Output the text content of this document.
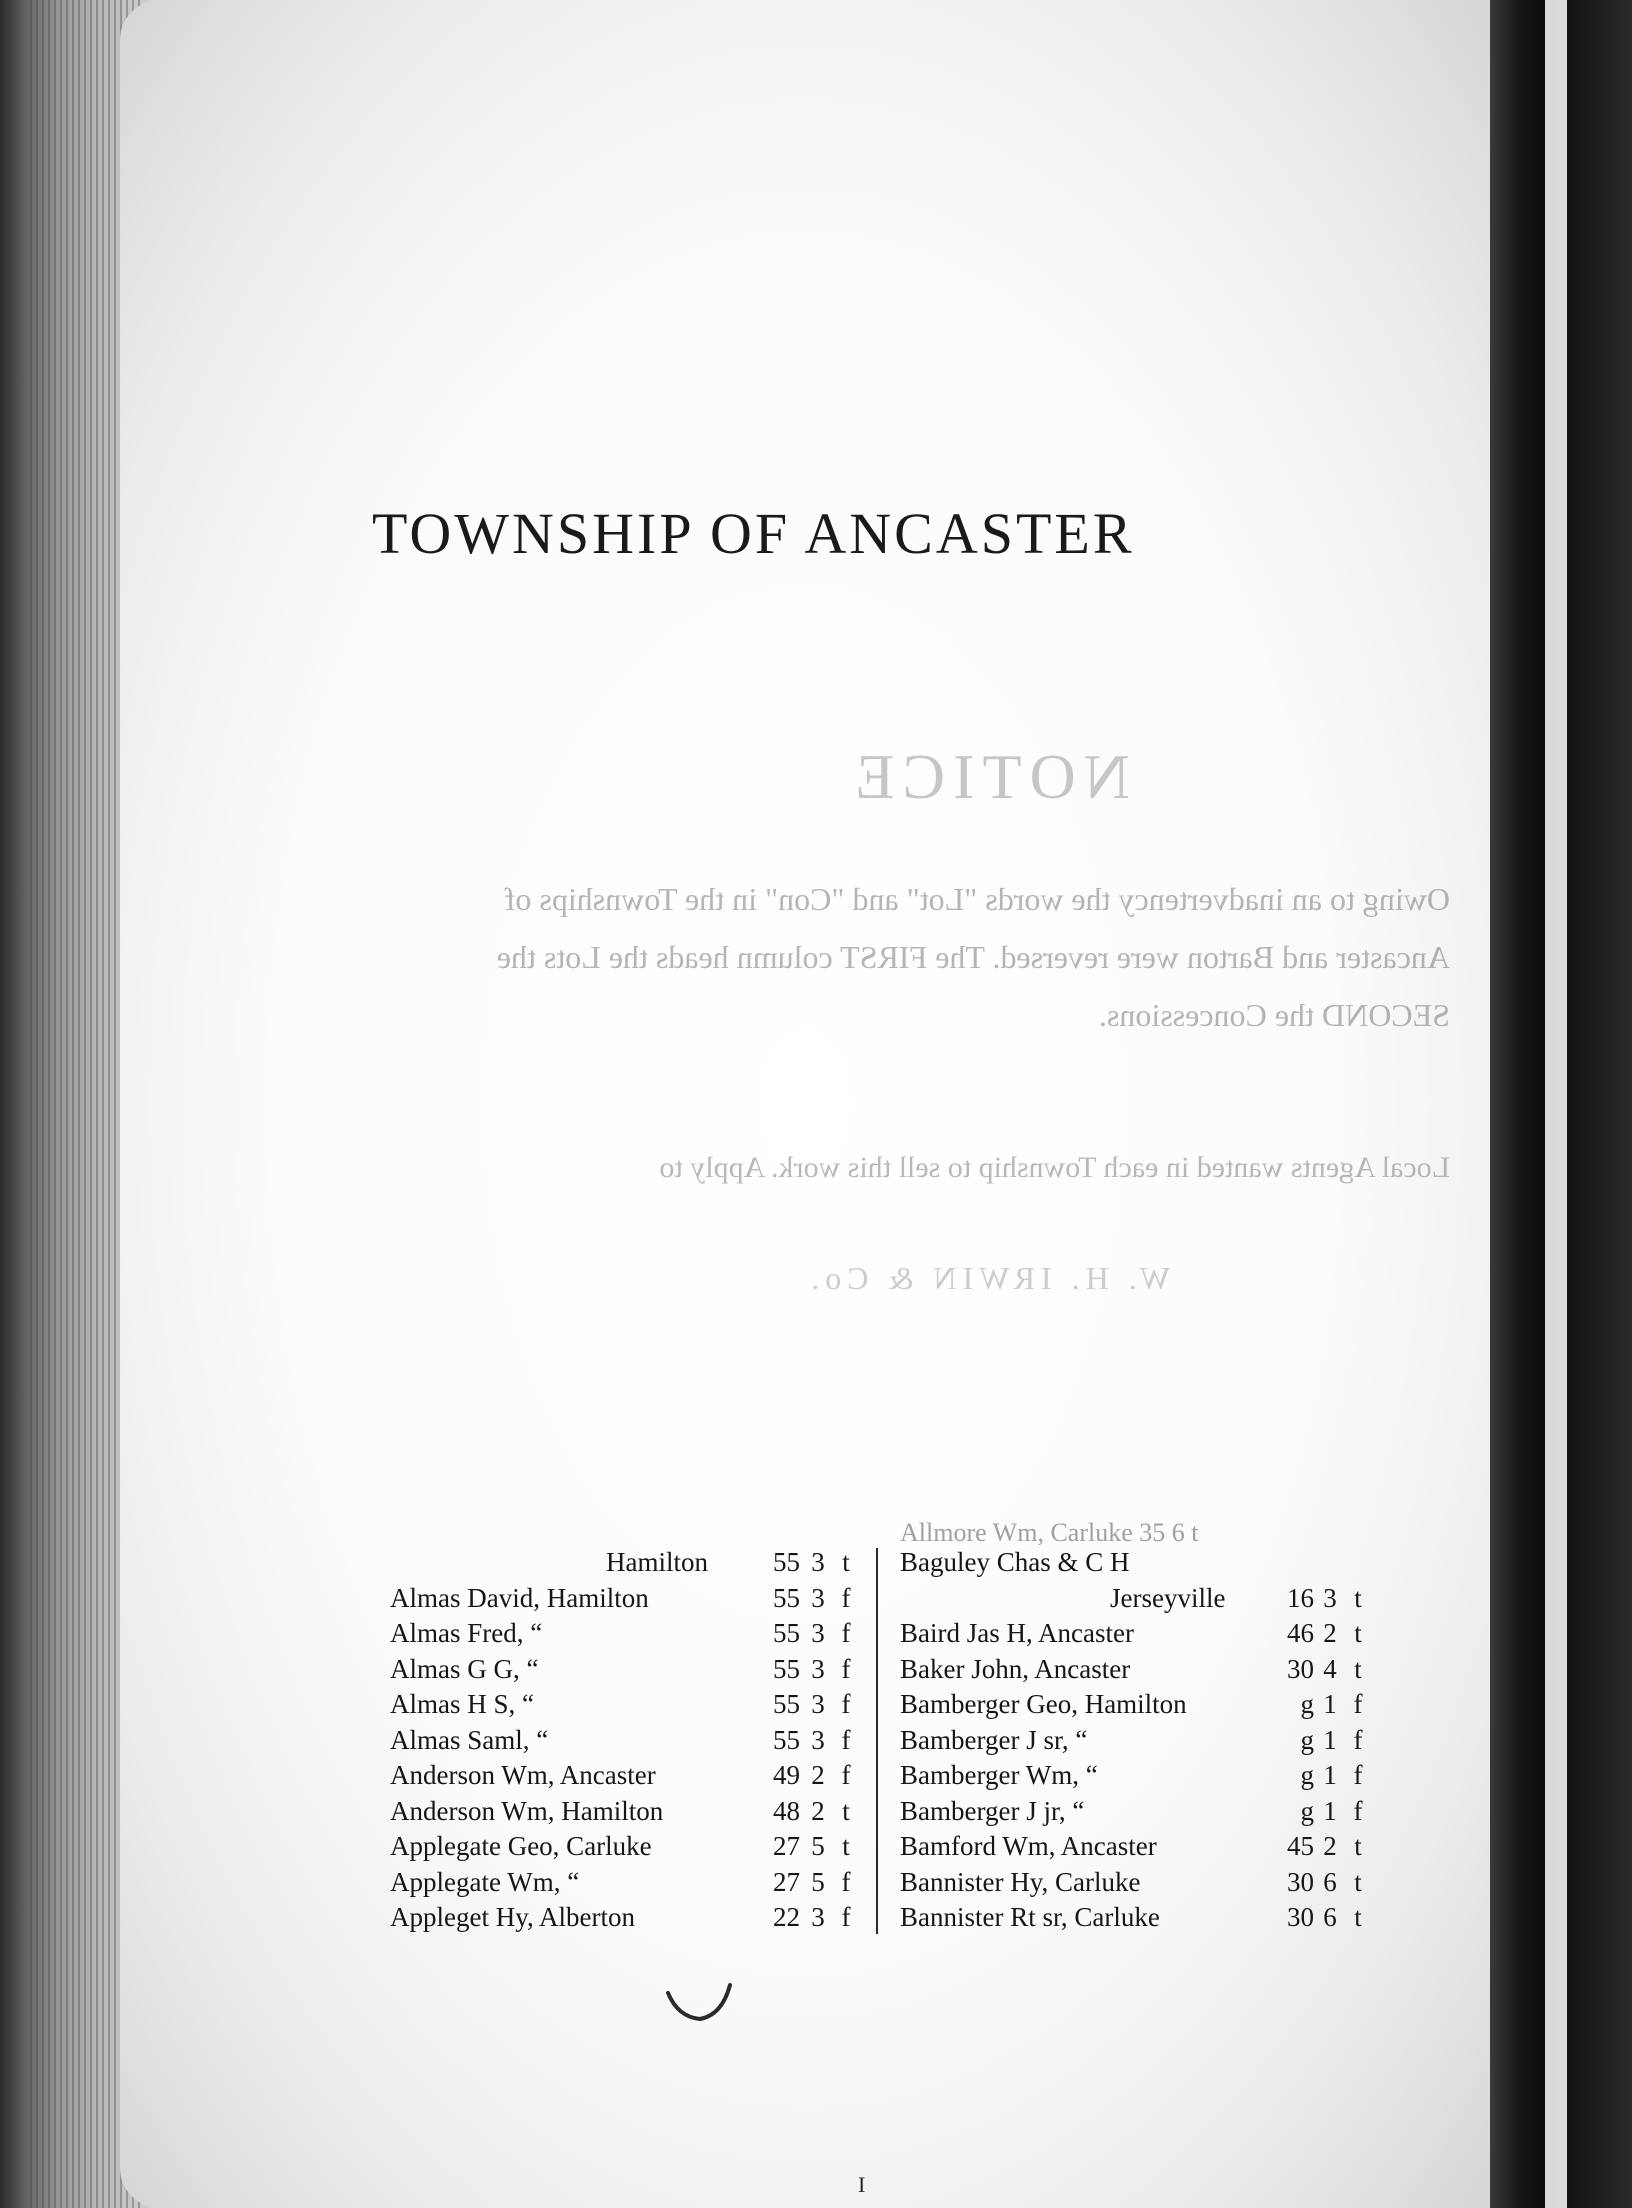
NOTICE
Owing to an inadvertency the words "Lot" and "Con" in the Townships of Ancaster and Barton were reversed. The FIRST column heads the Lots the SECOND the Concessions.
Local Agents wanted in each Township to sell this work. Apply to
W. H. IRWIN & Co.
TOWNSHIP OF ANCASTER
Allmore Wm, Carluke 35 6 t
Hamilton	55 3 t
Almas David, Hamilton	55 3 f
Almas Fred, “	55 3 f
Almas G G, “	55 3 f
Almas H S, “	55 3 f
Almas Saml, “	55 3 f
Anderson Wm, Ancaster	49 2 f
Anderson Wm, Hamilton	48 2 t
Applegate Geo, Carluke	27 5 t
Applegate Wm, “	27 5 f
Appleget Hy, Alberton	22 3 f
Baguley Chas & C H
Jerseyville	16 3 t
Baird Jas H, Ancaster	46 2 t
Baker John, Ancaster	30 4 t
Bamberger Geo, Hamilton	g 1 f
Bamberger J sr, “	g 1 f
Bamberger Wm, “	g 1 f
Bamberger J jr, “	g 1 f
Bamford Wm, Ancaster	45 2 t
Bannister Hy, Carluke	30 6 t
Bannister Rt sr, Carluke	30 6 t
I
